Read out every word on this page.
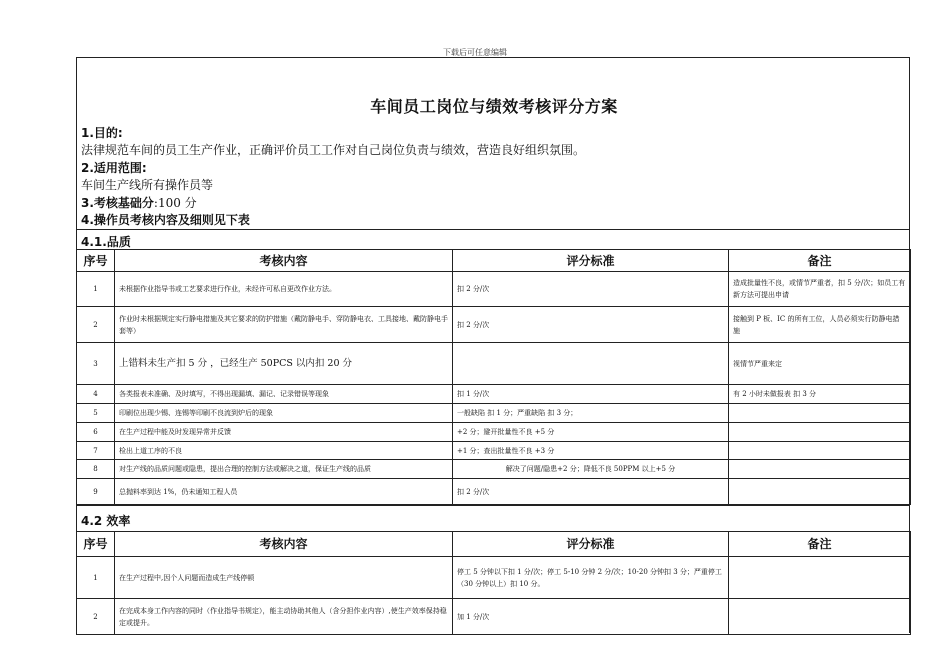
下载后可任意编辑
车间员工岗位与绩效考核评分方案
1.目的:
法律规范车间的员工生产作业，正确评价员工工作对自己岗位负责与绩效，营造良好组织氛围。
2.适用范围:
车间生产线所有操作员等
3.考核基础分:100 分
4.操作员考核内容及细则见下表
4.1.品质
序号	考核内容	评分标准	备注
1	未根据作业指导书或工艺要求进行作业，未经许可私自更改作业方法。	扣 2 分/次	造成批量性不良，或情节严重者，扣 5 分/次；如员工有新方法可提出申请
2	作业时未根据规定实行静电措施及其它要求的防护措施（戴防静电手、穿防静电衣、工具接地、戴防静电手套等）	扣 2 分/次	接触到 P 板、IC 的所有工位，人员必须实行防静电措施
3	上错料未生产扣 5 分 ，已经生产 50PCS 以内扣 20 分		视情节严重来定
4	各类报表未准确、及时填写，不得出现漏填、漏记、记录错误等现象	扣 1 分/次	有 2 小时未做报表 扣 3 分
5	印刷位出现少锡、连锡等印刷不良流到炉后的现象	一般缺陷 扣 1 分；严重缺陷 扣 3 分；	
6	在生产过程中能及时发现异常并反馈	+2 分；避开批量性不良 +5 分	
7	检出上道工序的不良	+1 分；查出批量性不良 +3 分	
8	对生产线的品质问题或隐患，提出合理的控制方法或解决之道，保证生产线的品质	解决了问题/隐患+2 分；降低不良 50PPM 以上+5 分	
9	总抛料率到达 1%，仍未通知工程人员	扣 2 分/次	
4.2 效率
序号	考核内容	评分标准	备注
1	在生产过程中,因个人问题而造成生产线停顿	停工 5 分钟以下扣 1 分/次；停工 5-10 分钟 2 分/次；10-20 分钟扣 3 分；严重停工（30 分钟以上）扣 10 分。	
2	在完成本身工作内容的同时（作业指导书规定），能主动协助其他人（含分担作业内容）,使生产效率保持稳定或提升。	加 1 分/次	
